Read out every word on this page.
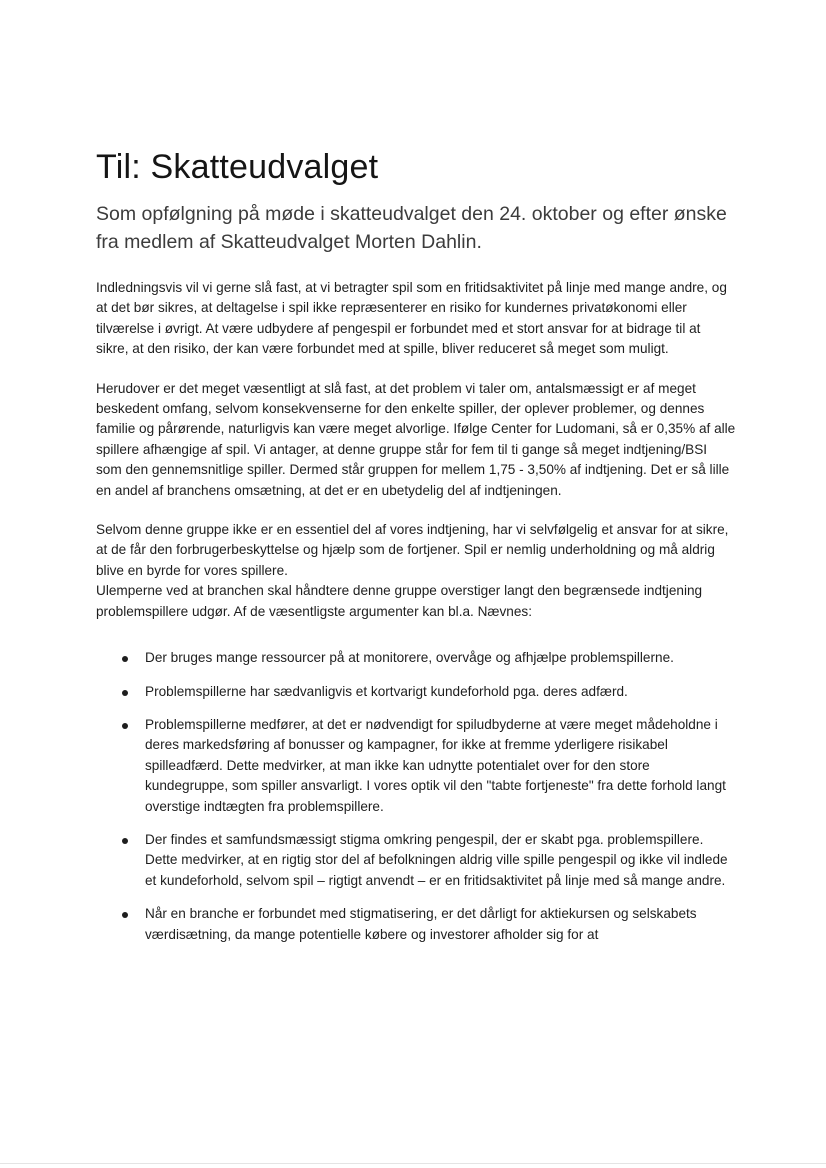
Til: Skatteudvalget
Som opfølgning på møde i skatteudvalget den 24. oktober og efter ønske fra medlem af Skatteudvalget Morten Dahlin.

Indledningsvis vil vi gerne slå fast, at vi betragter spil som en fritidsaktivitet på linje med mange andre, og at det bør sikres, at deltagelse i spil ikke repræsenterer en risiko for kundernes privatøkonomi eller tilværelse i øvrigt. At være udbydere af pengespil er forbundet med et stort ansvar for at bidrage til at sikre, at den risiko, der kan være forbundet med at spille, bliver reduceret så meget som muligt.

Herudover er det meget væsentligt at slå fast, at det problem vi taler om, antalsmæssigt er af meget beskedent omfang, selvom konsekvenserne for den enkelte spiller, der oplever problemer, og dennes familie og pårørende, naturligvis kan være meget alvorlige. Ifølge Center for Ludomani, så er 0,35% af alle spillere afhængige af spil. Vi antager, at denne gruppe står for fem til ti gange så meget indtjening/BSI som den gennemsnitlige spiller. Dermed står gruppen for mellem 1,75 - 3,50% af indtjening. Det er så lille en andel af branchens omsætning, at det er en ubetydelig del af indtjeningen.

Selvom denne gruppe ikke er en essentiel del af vores indtjening, har vi selvfølgelig et ansvar for at sikre, at de får den forbrugerbeskyttelse og hjælp som de fortjener. Spil er nemlig underholdning og må aldrig blive en byrde for vores spillere.

Ulemperne ved at branchen skal håndtere denne gruppe overstiger langt den begrænsede indtjening problemspillere udgør. Af de væsentligste argumenter kan bl.a. Nævnes:

Der bruges mange ressourcer på at monitorere, overvåge og afhjælpe problemspillerne.
Problemspillerne har sædvanligvis et kortvarigt kundeforhold pga. deres adfærd.
Problemspillerne medfører, at det er nødvendigt for spiludbyderne at være meget mådeholdne i deres markedsføring af bonusser og kampagner, for ikke at fremme yderligere risikabel spilleadfærd. Dette medvirker, at man ikke kan udnytte potentialet over for den store kundegruppe, som spiller ansvarligt. I vores optik vil den "tabte fortjeneste" fra dette forhold langt overstige indtægten fra problemspillere.
Der findes et samfundsmæssigt stigma omkring pengespil, der er skabt pga. problemspillere. Dette medvirker, at en rigtig stor del af befolkningen aldrig ville spille pengespil og ikke vil indlede et kundeforhold, selvom spil – rigtigt anvendt – er en fritidsaktivitet på linje med så mange andre.
Når en branche er forbundet med stigmatisering, er det dårligt for aktiekursen og selskabets værdisætning, da mange potentielle købere og investorer afholder sig for at
